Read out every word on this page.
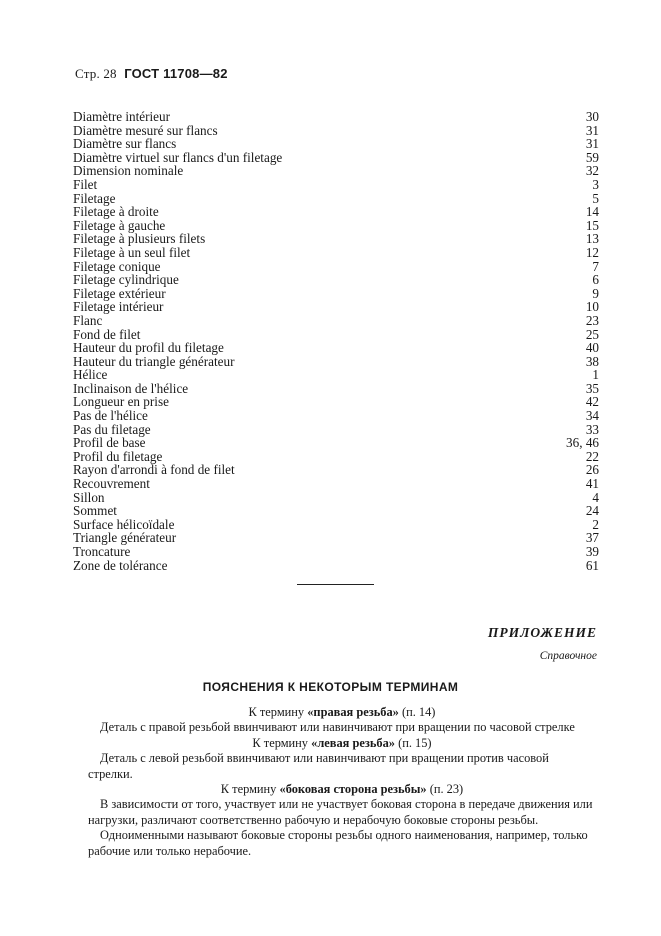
Стр. 28 ГОСТ 11708—82
Diamètre intérieur	30
Diamètre mesuré sur flancs	31
Diamètre sur flancs	31
Diamètre virtuel sur flancs d'un filetage	59
Dimension nominale	32
Filet	3
Filetage	5
Filetage à droite	14
Filetage à gauche	15
Filetage à plusieurs filets	13
Filetage à un seul filet	12
Filetage conique	7
Filetage cylindrique	6
Filetage extérieur	9
Filetage intérieur	10
Flanc	23
Fond de filet	25
Hauteur du profil du filetage	40
Hauteur du triangle générateur	38
Hélice	1
Inclinaison de l'hélice	35
Longueur en prise	42
Pas de l'hélice	34
Pas du filetage	33
Profil de base	36, 46
Profil du filetage	22
Rayon d'arrondi à fond de filet	26
Recouvrement	41
Sillon	4
Sommet	24
Surface hélicoïdale	2
Triangle générateur	37
Troncature	39
Zone de tolérance	61
ПРИЛОЖЕНИЕ
Справочное
ПОЯСНЕНИЯ К НЕКОТОРЫМ ТЕРМИНАМ

К термину «правая резьба» (п. 14)

Деталь с правой резьбой ввинчивают или навинчивают при вращении по часовой стрелке

К термину «левая резьба» (п. 15)

Деталь с левой резьбой ввинчивают или навинчивают при вращении против часовой стрелки.

К термину «боковая сторона резьбы» (п. 23)

В зависимости от того, участвует или не участвует боковая сторона в передаче движения или нагрузки, различают соответственно рабочую и нерабочую боковые стороны резьбы.

Одноименными называют боковые стороны резьбы одного наименования, например, только рабочие или только нерабочие.
